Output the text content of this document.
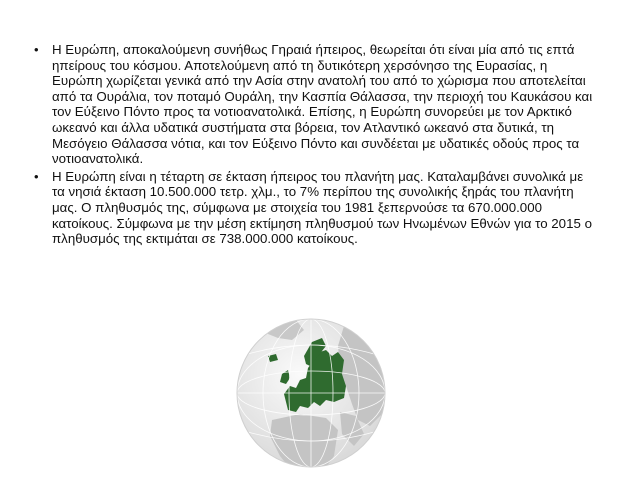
• Η Ευρώπη, αποκαλούμενη συνήθως Γηραιά ήπειρος, θεωρείται ότι είναι μία από τις επτά ηπείρους του κόσμου. Αποτελούμενη από τη δυτικότερη χερσόνησο της Ευρασίας, η Ευρώπη χωρίζεται γενικά από την Ασία στην ανατολή του από το χώρισμα που αποτελείται από τα Ουράλια, τον ποταμό Ουράλη, την Κασπία Θάλασσα, την περιοχή του Καυκάσου και τον Εύξεινο Πόντο προς τα νοτιοανατολικά. Επίσης, η Ευρώπη συνορεύει με τον Αρκτικό ωκεανό και άλλα υδατικά συστήματα στα βόρεια, τον Ατλαντικό ωκεανό στα δυτικά, τη Μεσόγειο Θάλασσα νότια, και τον Εύξεινο Πόντο και συνδέεται με υδατικές οδούς προς τα νοτιοανατολικά.
• Η Ευρώπη είναι η τέταρτη σε έκταση ήπειρος του πλανήτη μας. Καταλαμβάνει συνολικά με τα νησιά έκταση 10.500.000 τετρ. χλμ., το 7% περίπου της συνολικής ξηράς του πλανήτη μας. Ο πληθυσμός της, σύμφωνα με στοιχεία του 1981 ξεπερνούσε τα 670.000.000 κατοίκους. Σύμφωνα με την μέση εκτίμηση πληθυσμού των Ηνωμένων Εθνών για το 2015 ο πληθυσμός της εκτιμάται σε 738.000.000 κατοίκους.
